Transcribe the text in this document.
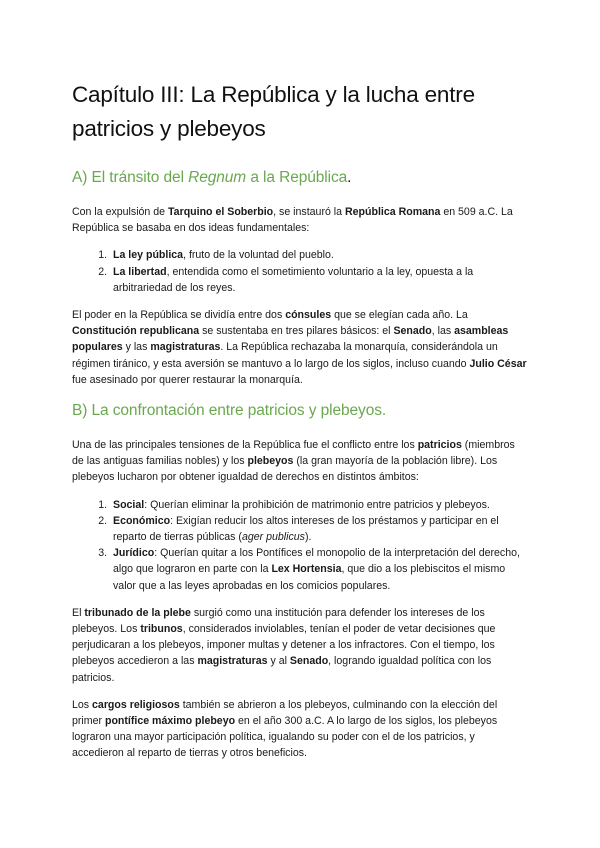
Capítulo III: La República y la lucha entre patricios y plebeyos
A) El tránsito del Regnum a la República.

Con la expulsión de Tarquino el Soberbio, se instauró la República Romana en 509 a.C. La República se basaba en dos ideas fundamentales:

1. La ley pública, fruto de la voluntad del pueblo.
2. La libertad, entendida como el sometimiento voluntario a la ley, opuesta a la arbitrariedad de los reyes.

El poder en la República se dividía entre dos cónsules que se elegían cada año. La Constitución republicana se sustentaba en tres pilares básicos: el Senado, las asambleas populares y las magistraturas. La República rechazaba la monarquía, considerándola un régimen tiránico, y esta aversión se mantuvo a lo largo de los siglos, incluso cuando Julio César fue asesinado por querer restaurar la monarquía.

B) La confrontación entre patricios y plebeyos.

Una de las principales tensiones de la República fue el conflicto entre los patricios (miembros de las antiguas familias nobles) y los plebeyos (la gran mayoría de la población libre). Los plebeyos lucharon por obtener igualdad de derechos en distintos ámbitos:

1. Social: Querían eliminar la prohibición de matrimonio entre patricios y plebeyos.
2. Económico: Exigían reducir los altos intereses de los préstamos y participar en el reparto de tierras públicas (ager publicus).
3. Jurídico: Querían quitar a los Pontífices el monopolio de la interpretación del derecho, algo que lograron en parte con la Lex Hortensia, que dio a los plebiscitos el mismo valor que a las leyes aprobadas en los comicios populares.

El tribunado de la plebe surgió como una institución para defender los intereses de los plebeyos. Los tribunos, considerados inviolables, tenían el poder de vetar decisiones que perjudicaran a los plebeyos, imponer multas y detener a los infractores. Con el tiempo, los plebeyos accedieron a las magistraturas y al Senado, logrando igualdad política con los patricios.

Los cargos religiosos también se abrieron a los plebeyos, culminando con la elección del primer pontífice máximo plebeyo en el año 300 a.C. A lo largo de los siglos, los plebeyos lograron una mayor participación política, igualando su poder con el de los patricios, y accedieron al reparto de tierras y otros beneficios.
